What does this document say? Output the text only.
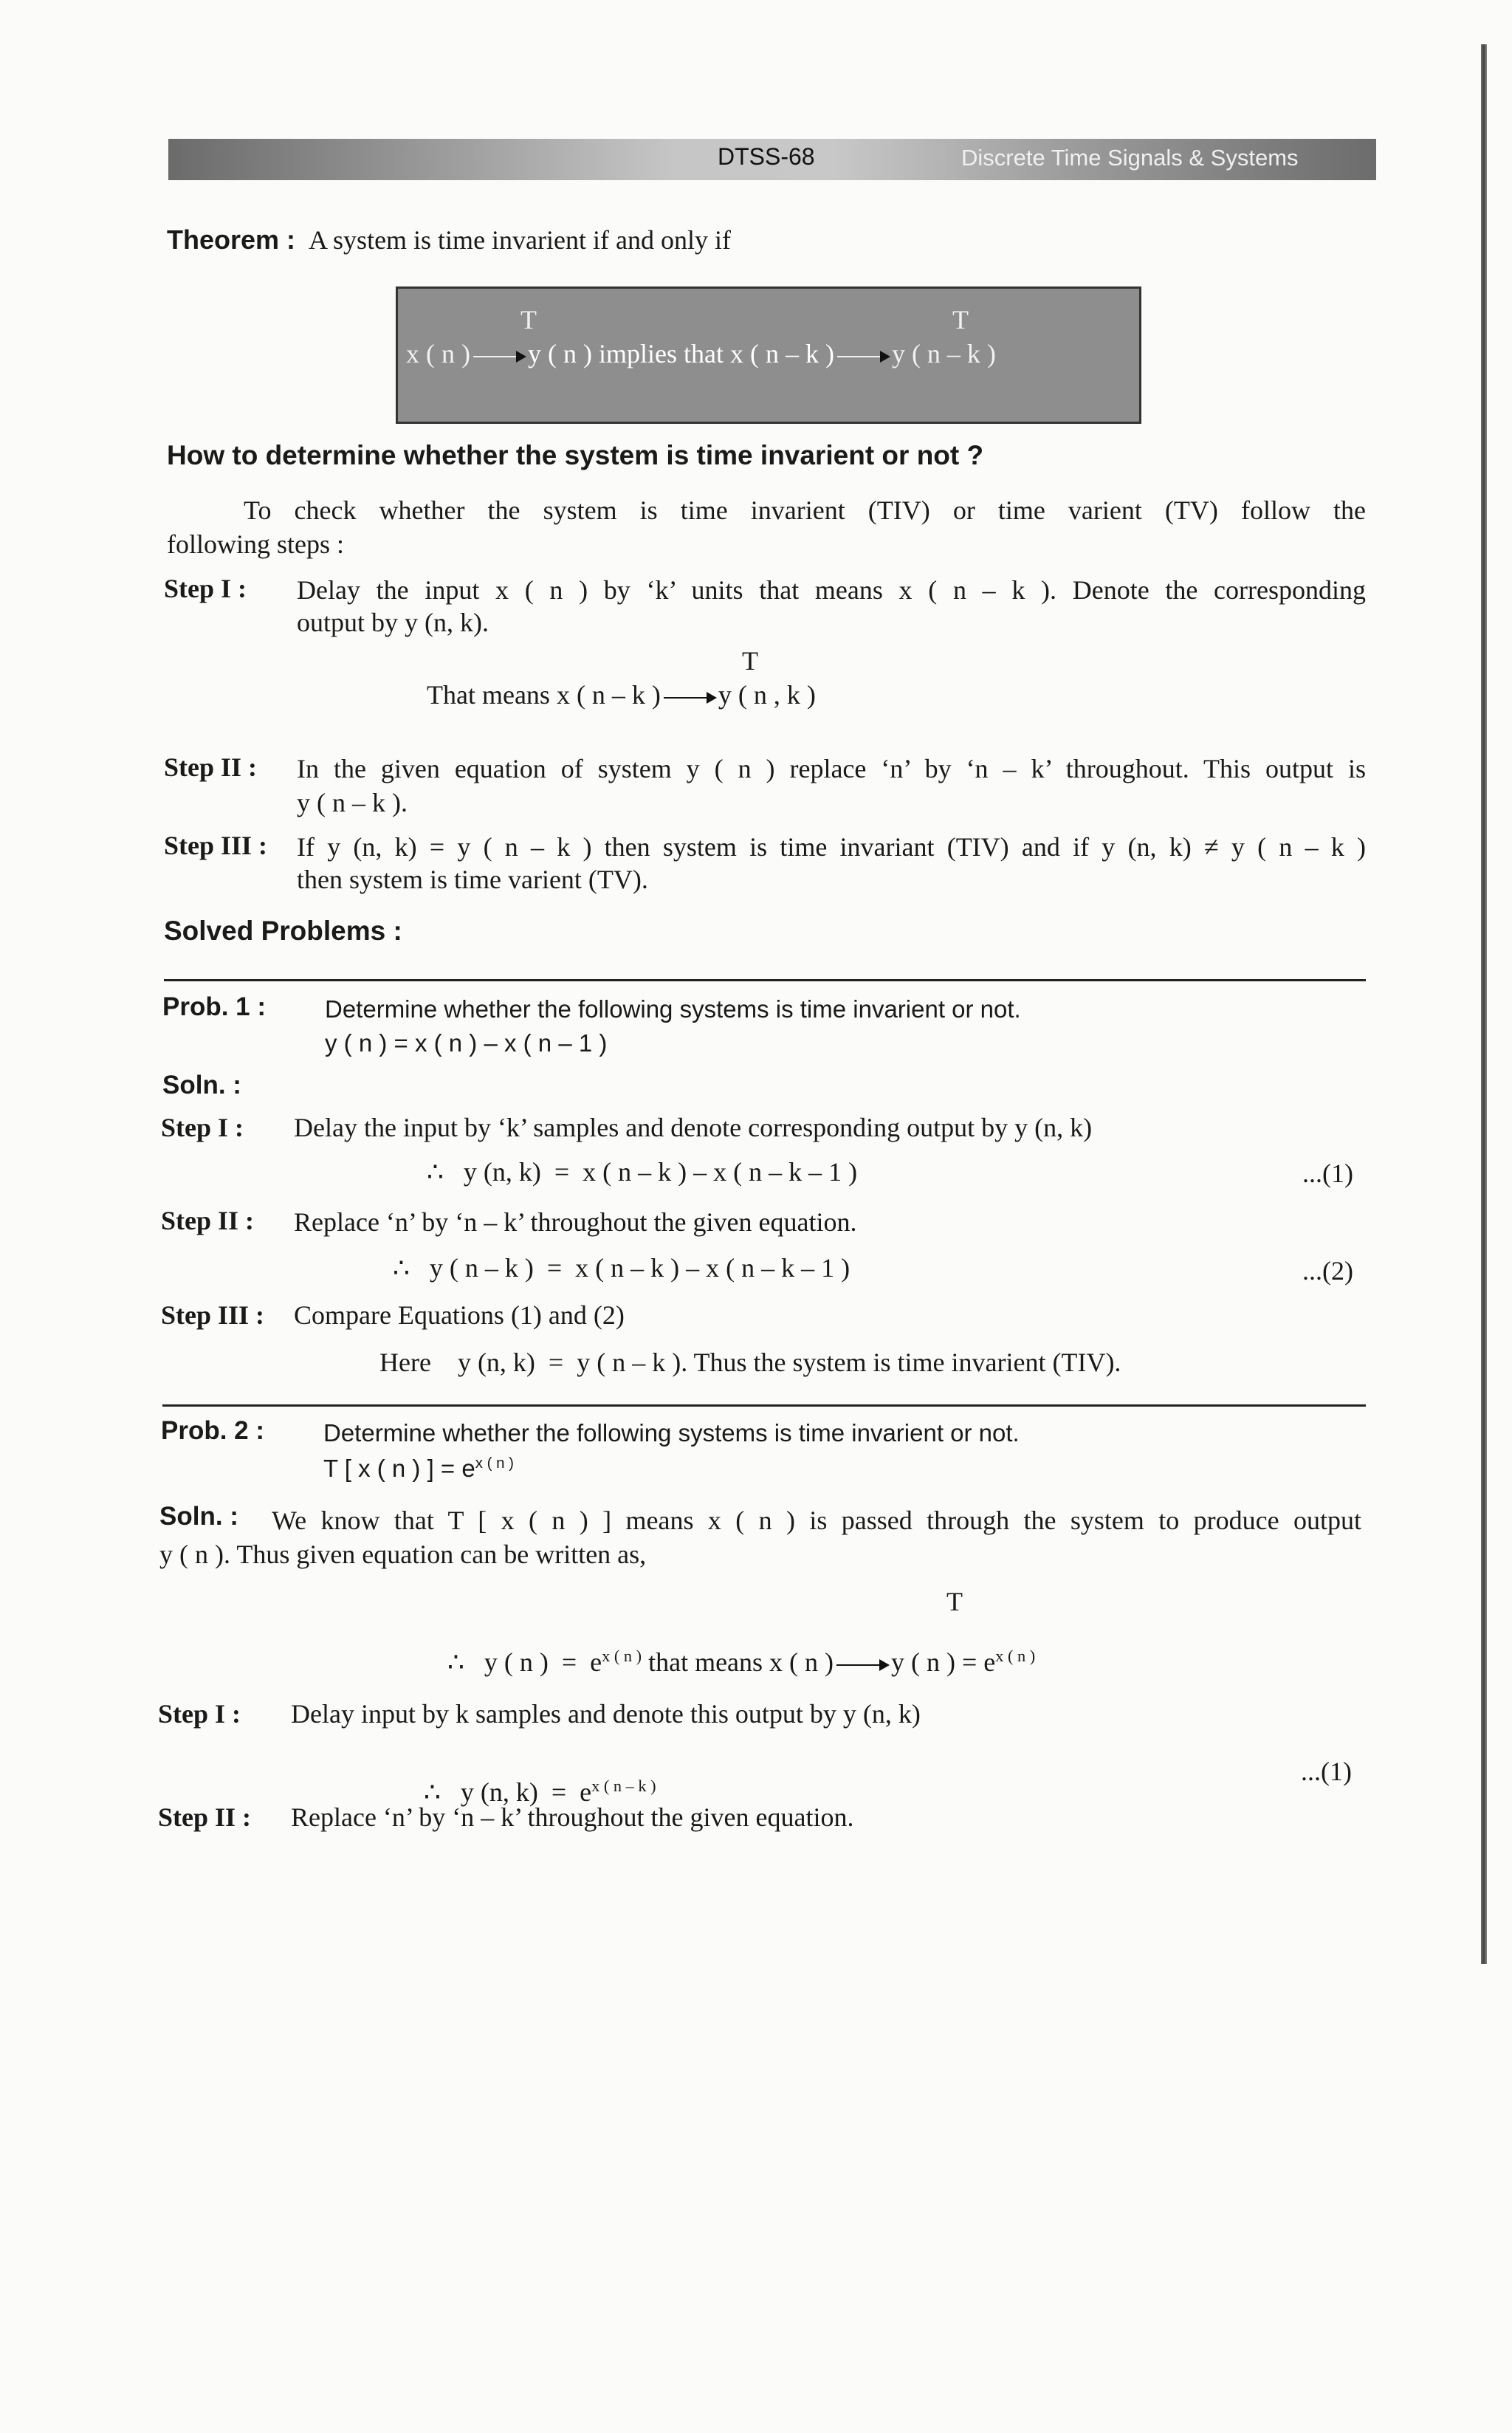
DTSS-68	Discrete Time Signals & Systems
Theorem : A system is time invarient if and only if
T	T
x ( n ) y ( n ) implies that x ( n – k ) y ( n – k )
How to determine whether the system is time invarient or not ?
To check whether the system is time invarient (TIV) or time varient (TV) follow the
following steps :
Step I : Delay the input x ( n ) by ‘k’ units that means x ( n – k ). Denote the corresponding
output by y (n, k).
T
That means x ( n – k ) y ( n , k )
Step II : In the given equation of system y ( n ) replace ‘n’ by ‘n – k’ throughout. This output is
y ( n – k ).
Step III : If y (n, k) = y ( n – k ) then system is time invariant (TIV) and if y (n, k) ≠ y ( n – k )
then system is time varient (TV).
Solved Problems :
Prob. 1 : Determine whether the following systems is time invarient or not.
y ( n ) = x ( n ) – x ( n – 1 )
Soln. :
Step I : Delay the input by ‘k’ samples and denote corresponding output by y (n, k)
∴   y (n, k)  =  x ( n – k ) – x ( n – k – 1 )	...(1)
Step II : Replace ‘n’ by ‘n – k’ throughout the given equation.
∴   y ( n – k )  =  x ( n – k ) – x ( n – k – 1 )	...(2)
Step III : Compare Equations (1) and (2)
Here    y (n, k)  =  y ( n – k ). Thus the system is time invarient (TIV).
Prob. 2 : Determine whether the following systems is time invarient or not.
T [ x ( n ) ] = $e^{x ( n )}$
Soln. : We know that T [ x ( n ) ] means x ( n ) is passed through the system to produce output
y ( n ). Thus given equation can be written as,
T

∴   y ( n )  =  $e^{x ( n )}$ that means x ( n ) y ( n ) = $e^{x ( n )}$

Step I : Delay input by k samples and denote this output by y (n, k)

∴   y (n, $k) = e^{x ( n - k )}$	...(1)
Step II : Replace ‘n’ by ‘n – k’ throughout the given equation.
